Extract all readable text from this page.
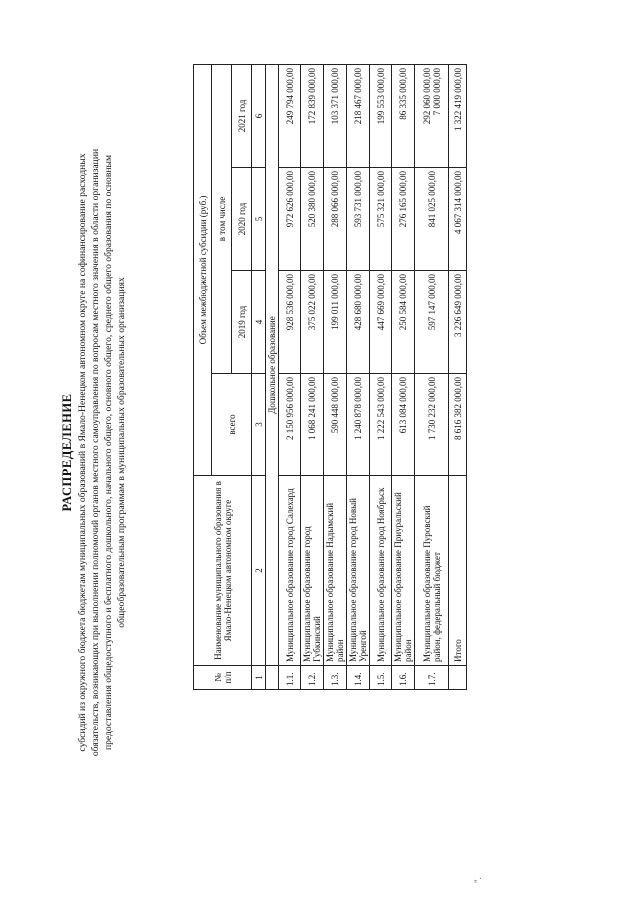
РАСПРЕДЕЛЕНИЕ субсидий из окружного бюджета бюджетам муниципальных образований в Ямало-Ненецком автономном округе на софинансирование расходных обязательств, возникающих при выполнении полномочий органов местного самоуправления по вопросам местного значения в области организации предоставления общедоступного и бесплатного дошкольного, начального общего, основного общего, среднего общего образования по основным общеобразовательным программам в муниципальных образовательных организациях
№ п/п	Наименование муниципального образования в Ямало-Ненецком автономном округе	Объем межбюджетной субсидии (руб.)			
		всего	в том числе		
			2019 год	2020 год	2021 год
1	2	3	4	5	6
	Дошкольное образование				
1.1.	Муниципальное образование город Салехард	2 150 956 000,00	928 536 000,00	972 626 000,00	249 794 000,00
1.2.	Муниципальное образование город Губкинский	1 068 241 000,00	375 022 000,00	520 380 000,00	172 839 000,00
1.3.	Муниципальное образование Надымский район	590 448 000,00	199 011 000,00	288 066 000,00	103 371 000,00
1.4.	Муниципальное образование город Новый Уренгой	1 240 878 000,00	428 680 000,00	593 731 000,00	218 467 000,00
1.5.	Муниципальное образование город Ноябрьск	1 222 543 000,00	447 669 000,00	575 321 000,00	199 553 000,00
1.6.	Муниципальное образование Приуральский район	613 084 000,00	250 584 000,00	276 165 000,00	86 335 000,00
1.7.	Муниципальное образование Пуровский район, федеральный бюджет	1 730 232 000,00	597 147 000,00	841 025 000,00	292 060 000,00 7 000 000,00

	Итого	8 616 382 000,00	3 226 649 000,00	4 067 314 000,00	1 322 419 000,00
".
